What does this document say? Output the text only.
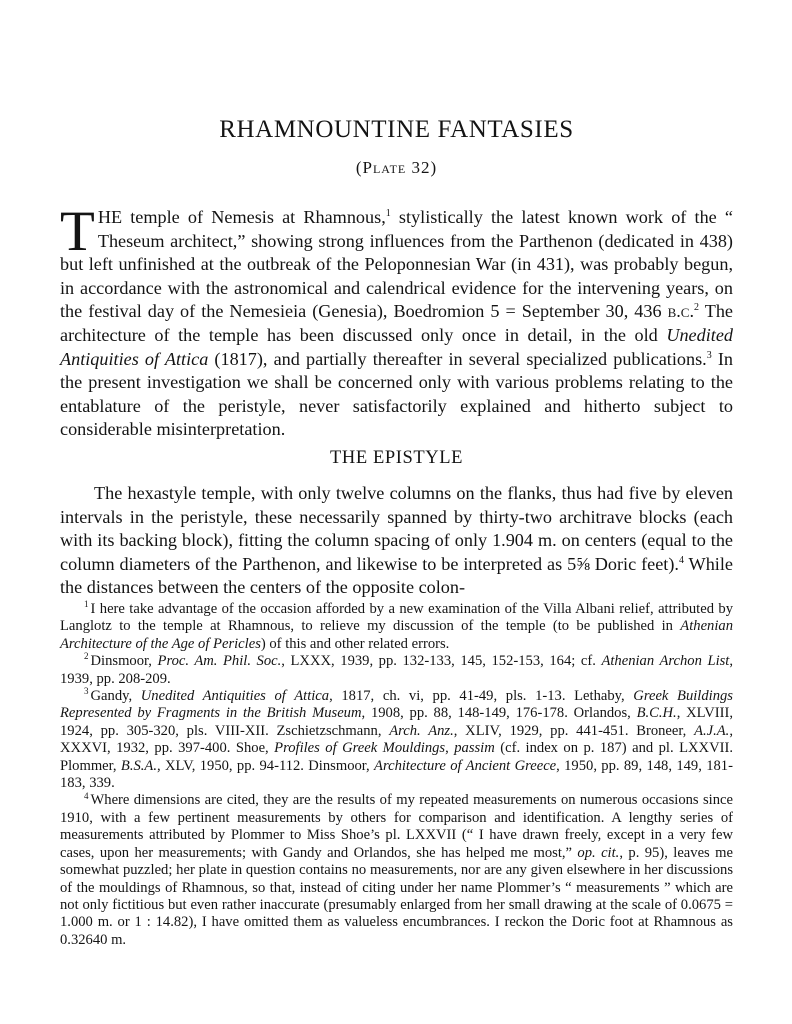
RHAMNOUNTINE FANTASIES
(Plate 32)

THE temple of Nemesis at Rhamnous,$^1$ stylistically the latest known work of the “ Theseum architect,” showing strong influences from the Parthenon (dedicated in 438) but left unfinished at the outbreak of the Peloponnesian War (in 431), was probably begun, in accordance with the astronomical and calendrical evidence for the intervening years, on the festival day of the Nemesieia (Genesia), Boedromion 5 = September 30, 436 b.c.$^2$ The architecture of the temple has been discussed only once in detail, in the old Unedited Antiquities of Attica (1817), and partially thereafter in several specialized publications.$^3$ In the present investigation we shall be concerned only with various problems relating to the entablature of the peristyle, never satisfactorily explained and hitherto subject to considerable misinterpretation.

THE EPISTYLE

The hexastyle temple, with only twelve columns on the flanks, thus had five by eleven intervals in the peristyle, these necessarily spanned by thirty-two architrave blocks (each with its backing block), fitting the column spacing of only 1.904 m. on centers (equal to the column diameters of the Parthenon, and likewise to be interpreted as 5⅝ Doric feet).$^4$ While the distances between the centers of the opposite colon-

$^1$ I here take advantage of the occasion afforded by a new examination of the Villa Albani relief, attributed by Langlotz to the temple at Rhamnous, to relieve my discussion of the temple (to be published in Athenian Architecture of the Age of Pericles) of this and other related errors.

$^2$ Dinsmoor, Proc. Am. Phil. Soc., LXXX, 1939, pp. 132-133, 145, 152-153, 164; cf. Athenian Archon List, 1939, pp. 208-209.

$^3$ Gandy, Unedited Antiquities of Attica, 1817, ch. vi, pp. 41-49, pls. 1-13. Lethaby, Greek Buildings Represented by Fragments in the British Museum, 1908, pp. 88, 148-149, 176-178. Orlandos, B.C.H., XLVIII, 1924, pp. 305-320, pls. VIII-XII. Zschietzschmann, Arch. Anz., XLIV, 1929, pp. 441-451. Broneer, A.J.A., XXXVI, 1932, pp. 397-400. Shoe, Profiles of Greek Mouldings, passim (cf. index on p. 187) and pl. LXXVII. Plommer, B.S.A., XLV, 1950, pp. 94-112. Dinsmoor, Architecture of Ancient Greece, 1950, pp. 89, 148, 149, 181-183, 339.

$^4$ Where dimensions are cited, they are the results of my repeated measurements on numerous occasions since 1910, with a few pertinent measurements by others for comparison and identification. A lengthy series of measurements attributed by Plommer to Miss Shoe’s pl. LXXVII (“ I have drawn freely, except in a very few cases, upon her measurements; with Gandy and Orlandos, she has helped me most,” op. cit., p. 95), leaves me somewhat puzzled; her plate in question contains no measurements, nor are any given elsewhere in her discussions of the mouldings of Rhamnous, so that, instead of citing under her name Plommer’s “ measurements ” which are not only fictitious but even rather inaccurate (presumably enlarged from her small drawing at the scale of 0.0675 = 1.000 m. or 1 : 14.82), I have omitted them as valueless encumbrances. I reckon the Doric foot at Rhamnous as 0.32640 m.
